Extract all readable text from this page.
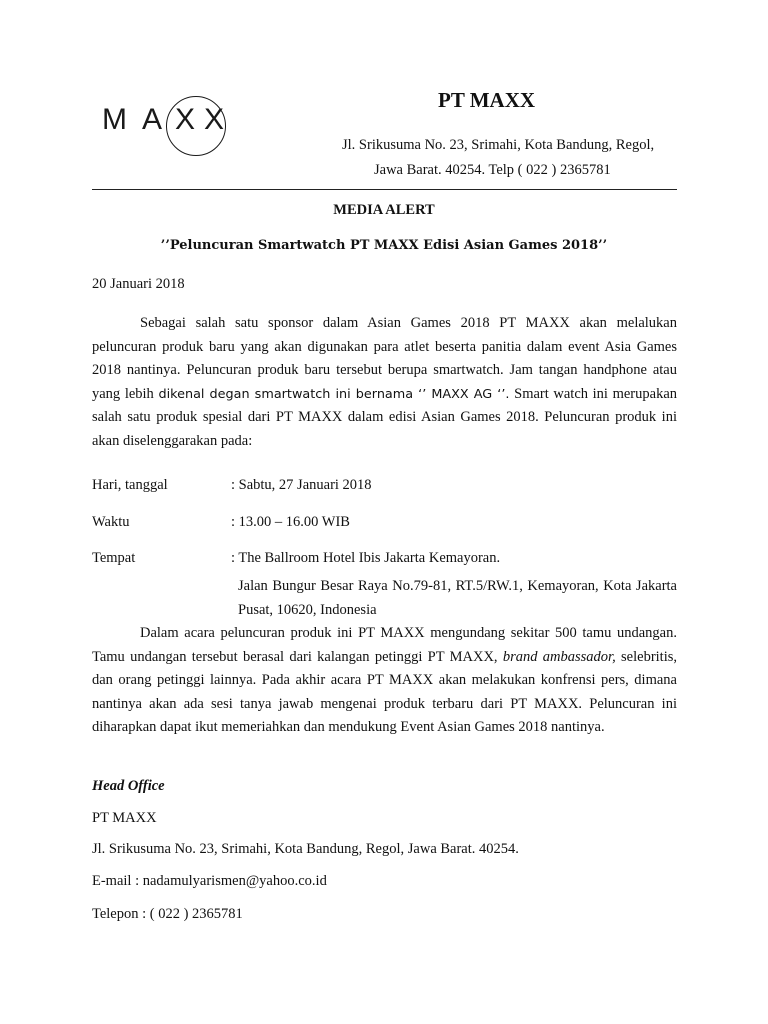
M A X X
PT MAXX
Jl. Srikusuma No. 23, Srimahi, Kota Bandung, Regol,
Jawa Barat. 40254. Telp ( 022 ) 2365781
MEDIA ALERT
’’Peluncuran Smartwatch PT MAXX Edisi Asian Games 2018’’
20 Januari 2018

Sebagai salah satu sponsor dalam Asian Games 2018 PT MAXX akan melalukan peluncuran produk baru yang akan digunakan para atlet beserta panitia dalam event Asia Games 2018 nantinya. Peluncuran produk baru tersebut berupa smartwatch. Jam tangan handphone atau yang lebih dikenal degan smartwatch ini bernama ‘’ MAXX AG ‘’. Smart watch ini merupakan salah satu produk spesial dari PT MAXX dalam edisi Asian Games 2018. Peluncuran produk ini akan diselenggarakan pada:

Hari, tanggal	: Sabtu, 27 Januari 2018
Waktu	: 13.00 – 16.00 WIB
Tempat	: The Ballroom Hotel Ibis Jakarta Kemayoran.
Jalan Bungur Besar Raya No.79-81, RT.5/RW.1, Kemayoran, Kota Jakarta Pusat, 10620, Indonesia

Dalam acara peluncuran produk ini PT MAXX mengundang sekitar 500 tamu undangan. Tamu undangan tersebut berasal dari kalangan petinggi PT MAXX, brand ambassador, selebritis, dan orang petinggi lainnya. Pada akhir acara PT MAXX akan melakukan konfrensi pers, dimana nantinya akan ada sesi tanya jawab mengenai produk terbaru dari PT MAXX. Peluncuran ini diharapkan dapat ikut memeriahkan dan mendukung Event Asian Games 2018 nantinya.

Head Office
PT MAXX
Jl. Srikusuma No. 23, Srimahi, Kota Bandung, Regol, Jawa Barat. 40254.
E-mail : nadamulyarismen@yahoo.co.id
Telepon : ( 022 ) 2365781
